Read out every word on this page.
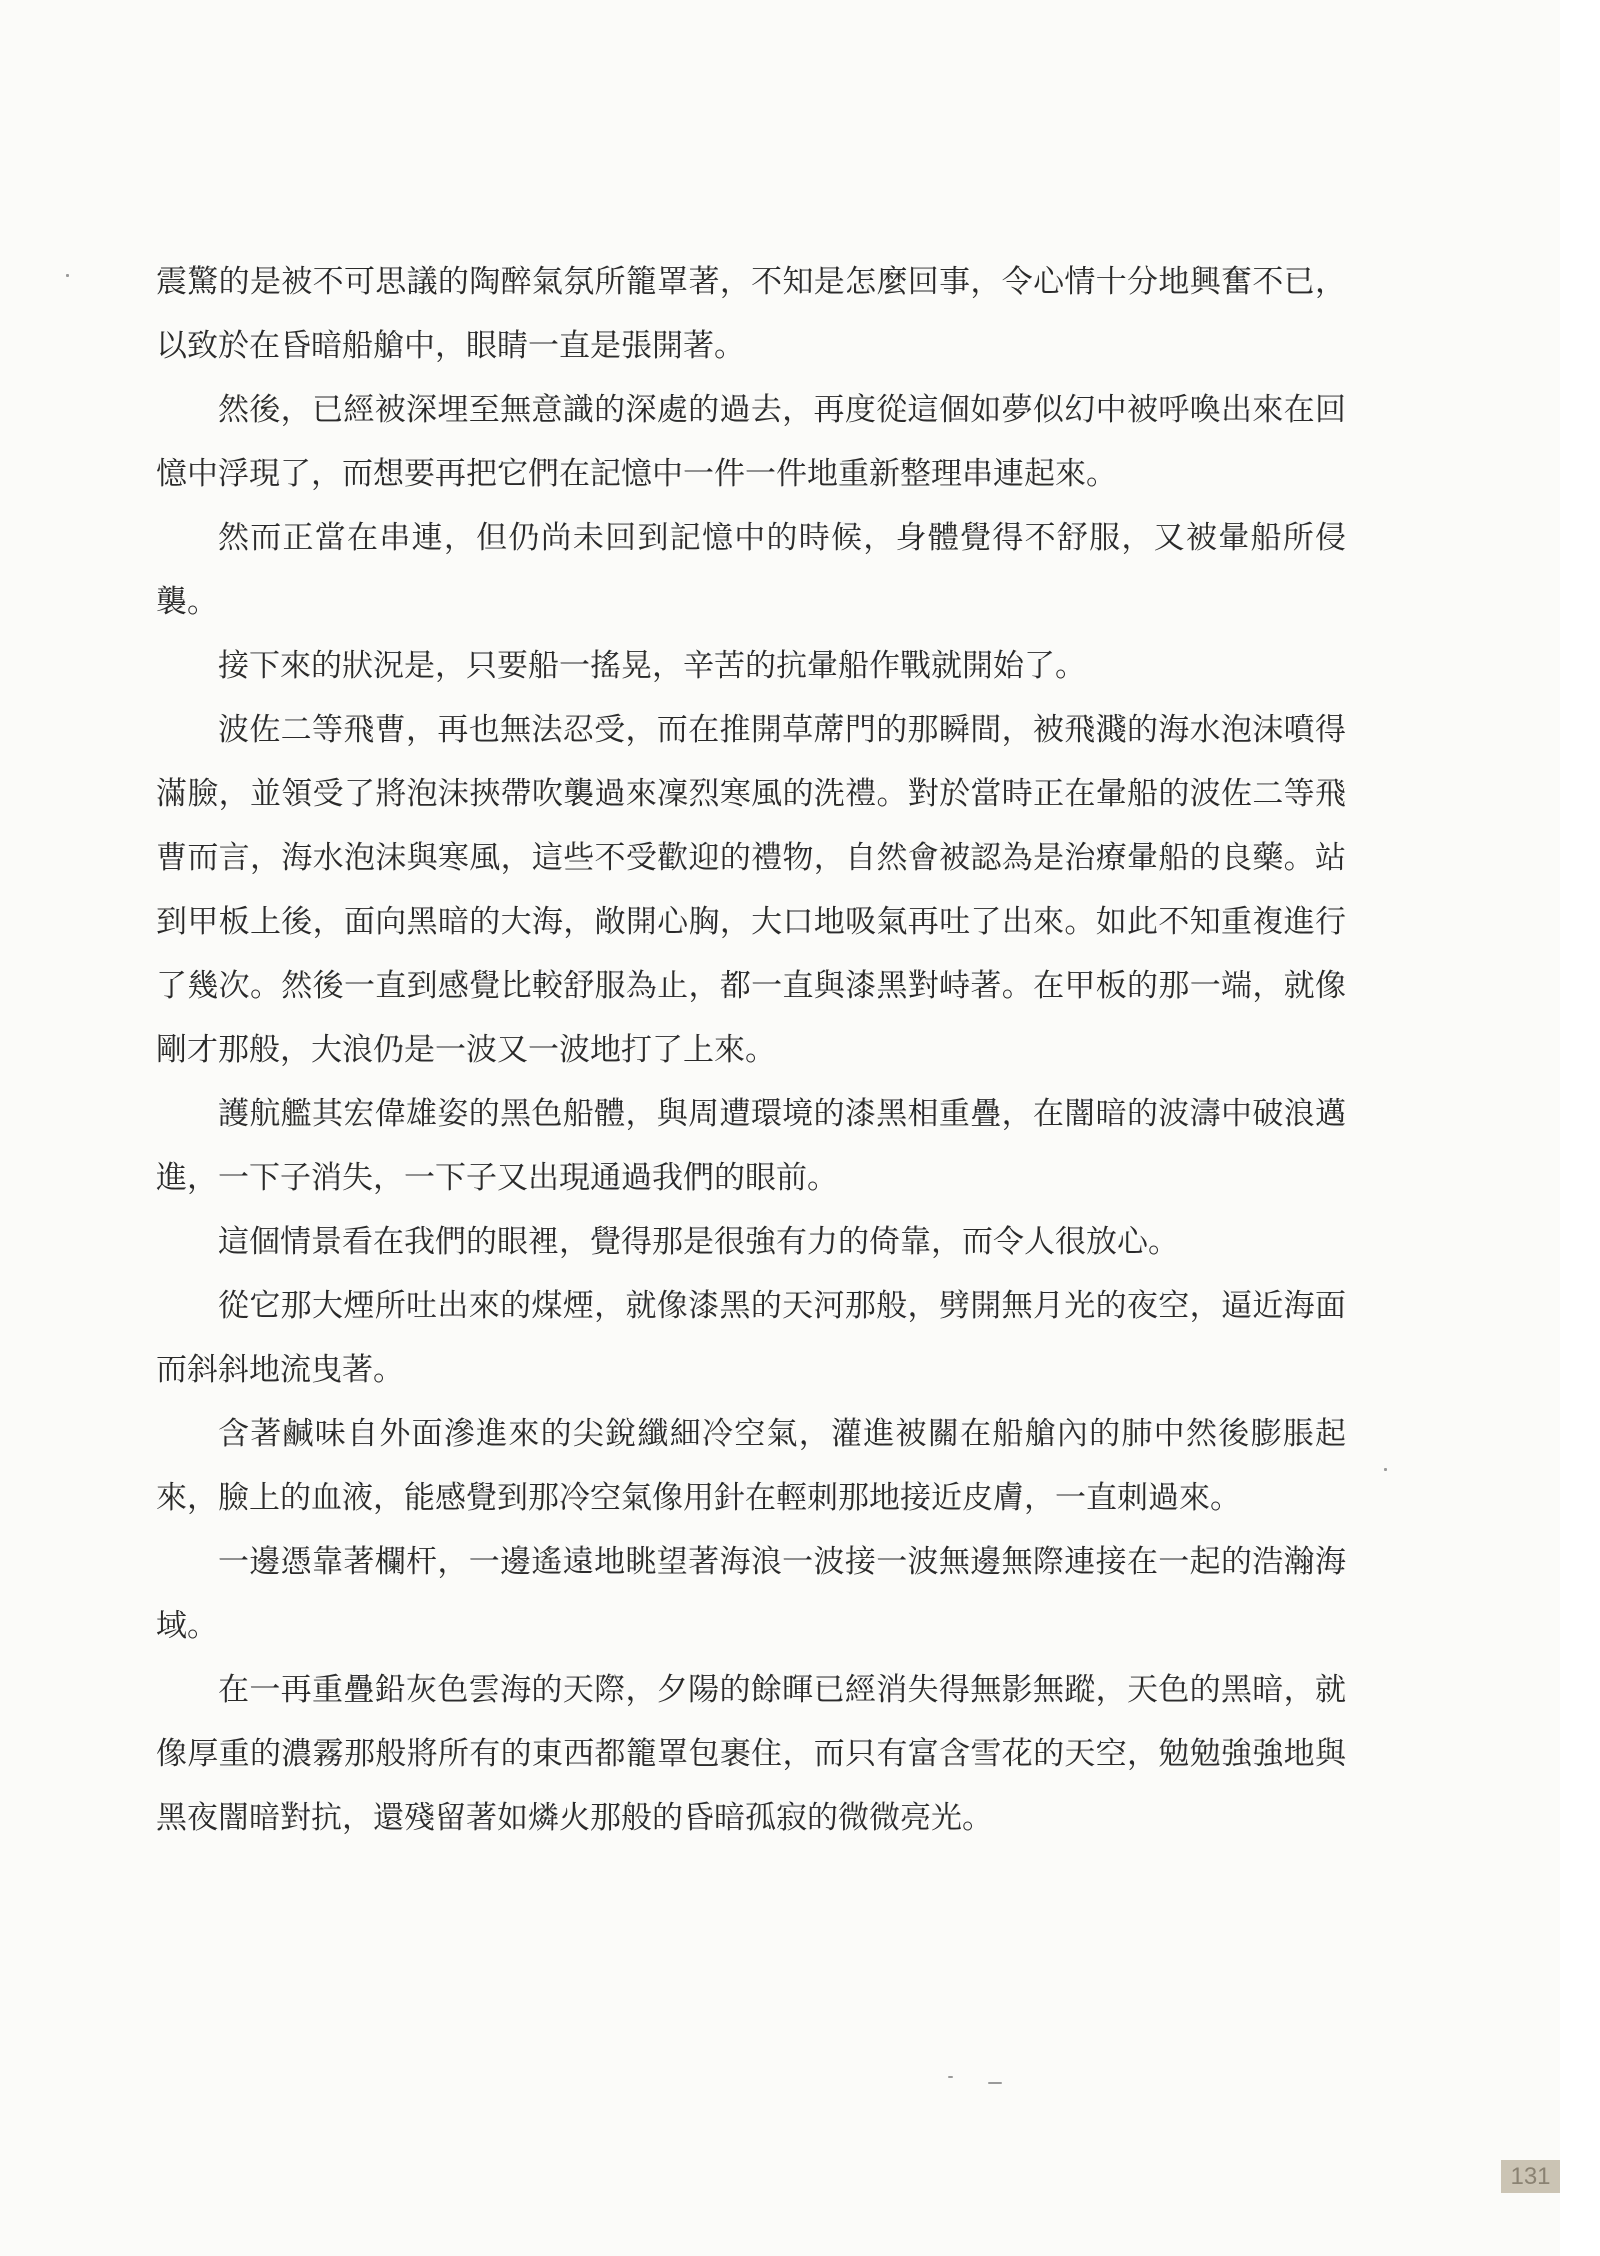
震驚的是被不可思議的陶醉氣氛所籠罩著，不知是怎麼回事，令心情十分地興奮不已，以致於在昏暗船艙中，眼睛一直是張開著。

然後，已經被深埋至無意識的深處的過去，再度從這個如夢似幻中被呼喚出來在回憶中浮現了，而想要再把它們在記憶中一件一件地重新整理串連起來。

然而正當在串連，但仍尚未回到記憶中的時候，身體覺得不舒服，又被暈船所侵襲。

接下來的狀況是，只要船一搖晃，辛苦的抗暈船作戰就開始了。

波佐二等飛曹，再也無法忍受，而在推開草蓆門的那瞬間，被飛濺的海水泡沫噴得滿臉，並領受了將泡沫挾帶吹襲過來凜烈寒風的洗禮。對於當時正在暈船的波佐二等飛曹而言，海水泡沫與寒風，這些不受歡迎的禮物，自然會被認為是治療暈船的良藥。站到甲板上後，面向黑暗的大海，敞開心胸，大口地吸氣再吐了出來。如此不知重複進行了幾次。然後一直到感覺比較舒服為止，都一直與漆黑對峙著。在甲板的那一端，就像剛才那般，大浪仍是一波又一波地打了上來。

護航艦其宏偉雄姿的黑色船體，與周遭環境的漆黑相重疊，在闇暗的波濤中破浪邁進，一下子消失，一下子又出現通過我們的眼前。

這個情景看在我們的眼裡，覺得那是很強有力的倚靠，而令人很放心。

從它那大煙所吐出來的煤煙，就像漆黑的天河那般，劈開無月光的夜空，逼近海面而斜斜地流曳著。

含著鹹味自外面滲進來的尖銳纖細冷空氣，灌進被關在船艙內的肺中然後膨脹起來，臉上的血液，能感覺到那冷空氣像用針在輕刺那地接近皮膚，一直刺過來。

一邊憑靠著欄杆，一邊遙遠地眺望著海浪一波接一波無邊無際連接在一起的浩瀚海域。

在一再重疊鉛灰色雲海的天際，夕陽的餘暉已經消失得無影無蹤，天色的黑暗，就像厚重的濃霧那般將所有的東西都籠罩包裹住，而只有富含雪花的天空，勉勉強強地與黑夜闇暗對抗，還殘留著如燐火那般的昏暗孤寂的微微亮光。

131
